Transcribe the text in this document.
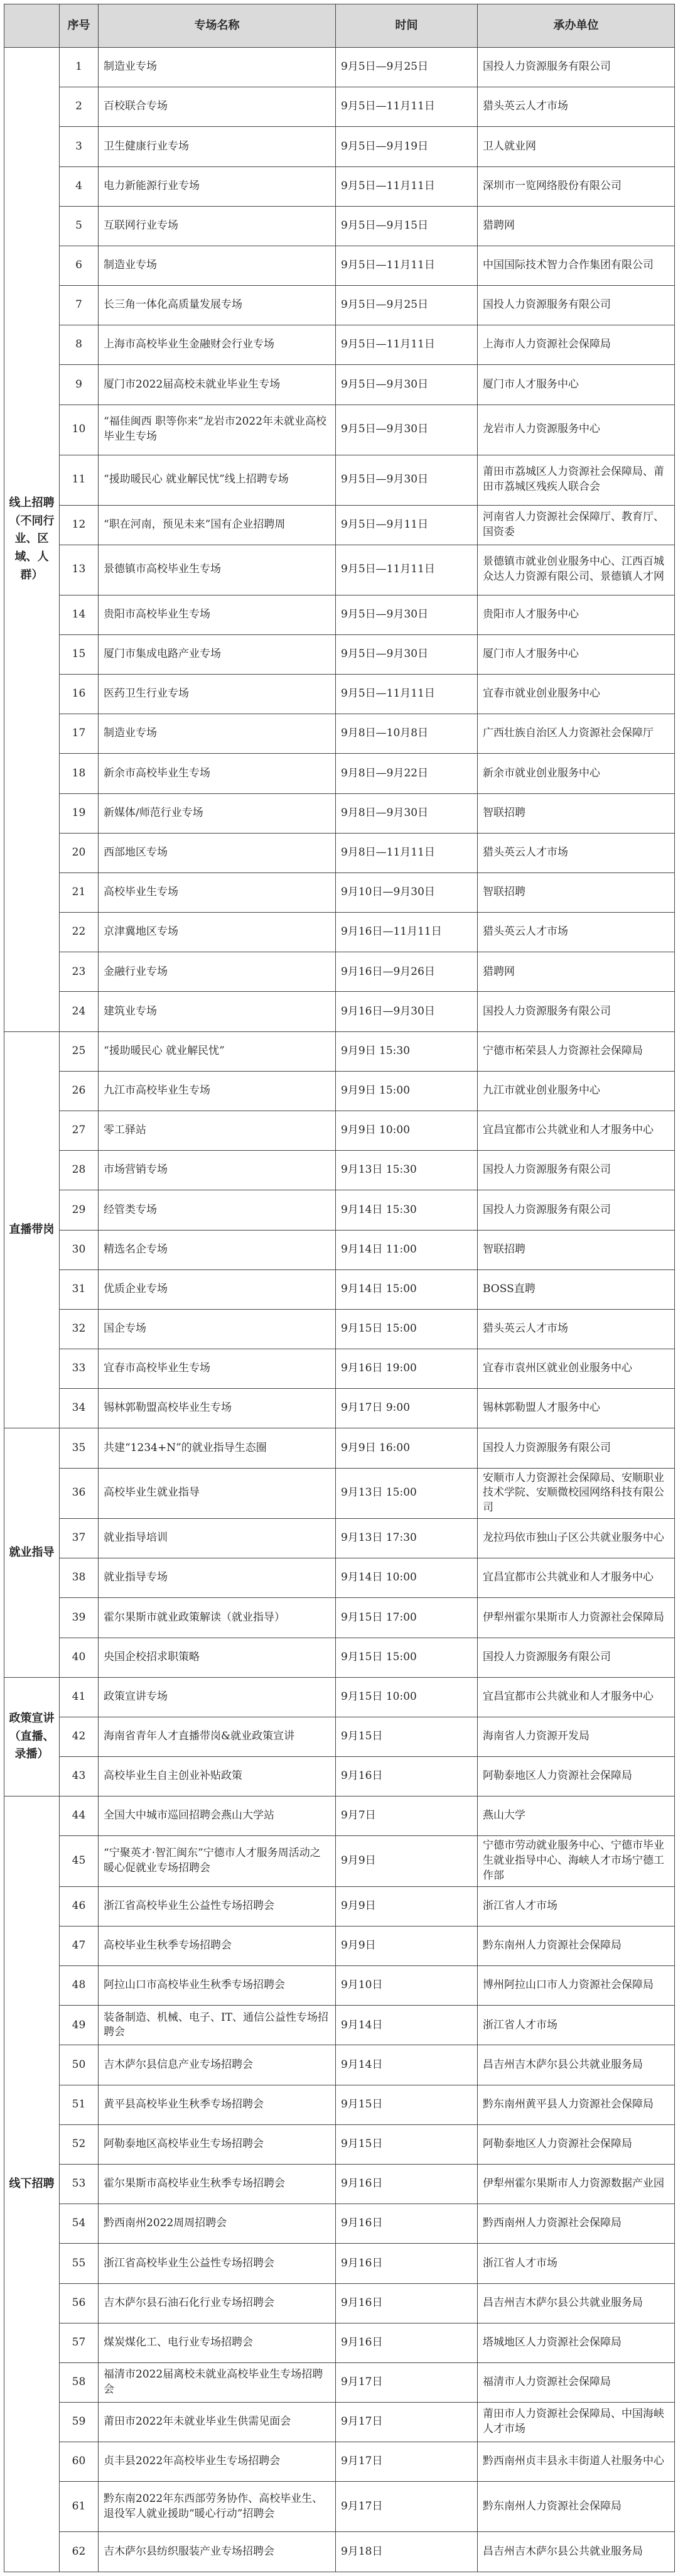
	序号	专场名称	时间	承办单位
线上招聘（不同行业、区域、人群）	1	制造业专场	9月5日—9月25日	国投人力资源服务有限公司
	2	百校联合专场	9月5日—11月11日	猎头英云人才市场
	3	卫生健康行业专场	9月5日—9月19日	卫人就业网
	4	电力新能源行业专场	9月5日—11月11日	深圳市一览网络股份有限公司
	5	互联网行业专场	9月5日—9月15日	猎聘网
	6	制造业专场	9月5日—11月11日	中国国际技术智力合作集团有限公司
	7	长三角一体化高质量发展专场	9月5日—9月25日	国投人力资源服务有限公司
	8	上海市高校毕业生金融财会行业专场	9月5日—11月11日	上海市人力资源社会保障局
	9	厦门市2022届高校未就业毕业生专场	9月5日—9月30日	厦门市人才服务中心
	10	“福佳闽西 职等你来”龙岩市2022年未就业高校毕业生专场	9月5日—9月30日	龙岩市人力资源服务中心
	11	“援助暖民心 就业解民忧”线上招聘专场	9月5日—9月30日	莆田市荔城区人力资源社会保障局、莆田市荔城区残疾人联合会
	12	“职在河南，预见未来”国有企业招聘周	9月5日—9月11日	河南省人力资源社会保障厅、教育厅、国资委
	13	景德镇市高校毕业生专场	9月5日—11月11日	景德镇市就业创业服务中心、江西百城众达人力资源有限公司、景德镇人才网
	14	贵阳市高校毕业生专场	9月5日—9月30日	贵阳市人才服务中心
	15	厦门市集成电路产业专场	9月5日—9月30日	厦门市人才服务中心
	16	医药卫生行业专场	9月5日—11月11日	宜春市就业创业服务中心
	17	制造业专场	9月8日—10月8日	广西壮族自治区人力资源社会保障厅
	18	新余市高校毕业生专场	9月8日—9月22日	新余市就业创业服务中心
	19	新媒体/师范行业专场	9月8日—9月30日	智联招聘
	20	西部地区专场	9月8日—11月11日	猎头英云人才市场
	21	高校毕业生专场	9月10日—9月30日	智联招聘
	22	京津冀地区专场	9月16日—11月11日	猎头英云人才市场
	23	金融行业专场	9月16日—9月26日	猎聘网
	24	建筑业专场	9月16日—9月30日	国投人力资源服务有限公司
直播带岗	25	“援助暖民心 就业解民忧”	9月9日 15:30	宁德市柘荣县人力资源社会保障局
	26	九江市高校毕业生专场	9月9日 15:00	九江市就业创业服务中心
	27	零工驿站	9月9日 10:00	宜昌宜都市公共就业和人才服务中心
	28	市场营销专场	9月13日 15:30	国投人力资源服务有限公司
	29	经管类专场	9月14日 15:30	国投人力资源服务有限公司
	30	精选名企专场	9月14日 11:00	智联招聘
	31	优质企业专场	9月14日 15:00	BOSS直聘
	32	国企专场	9月15日 15:00	猎头英云人才市场
	33	宜春市高校毕业生专场	9月16日 19:00	宜春市袁州区就业创业服务中心
	34	锡林郭勒盟高校毕业生专场	9月17日 9:00	锡林郭勒盟人才服务中心
就业指导	35	共建“1234+N”的就业指导生态圈	9月9日 16:00	国投人力资源服务有限公司
	36	高校毕业生就业指导	9月13日 15:00	安顺市人力资源社会保障局、安顺职业技术学院、安顺微校园网络科技有限公司
	37	就业指导培训	9月13日 17:30	龙拉玛依市独山子区公共就业服务中心
	38	就业指导专场	9月14日 10:00	宜昌宜都市公共就业和人才服务中心
	39	霍尔果斯市就业政策解读（就业指导）	9月15日 17:00	伊犁州霍尔果斯市人力资源社会保障局
	40	央国企校招求职策略	9月15日 15:00	国投人力资源服务有限公司
政策宣讲（直播、录播）	41	政策宣讲专场	9月15日 10:00	宜昌宜都市公共就业和人才服务中心
	42	海南省青年人才直播带岗&就业政策宣讲	9月15日	海南省人力资源开发局
	43	高校毕业生自主创业补贴政策	9月16日	阿勒泰地区人力资源社会保障局
线下招聘	44	全国大中城市巡回招聘会燕山大学站	9月7日	燕山大学
	45	“宁聚英才·智汇闽东”宁德市人才服务周活动之暖心促就业专场招聘会	9月9日	宁德市劳动就业服务中心、宁德市毕业生就业指导中心、海峡人才市场宁德工作部
	46	浙江省高校毕业生公益性专场招聘会	9月9日	浙江省人才市场
	47	高校毕业生秋季专场招聘会	9月9日	黔东南州人力资源社会保障局
	48	阿拉山口市高校毕业生秋季专场招聘会	9月10日	博州阿拉山口市人力资源社会保障局
	49	装备制造、机械、电子、IT、通信公益性专场招聘会	9月14日	浙江省人才市场
	50	吉木萨尔县信息产业专场招聘会	9月14日	昌吉州吉木萨尔县公共就业服务局
	51	黄平县高校毕业生秋季专场招聘会	9月15日	黔东南州黄平县人力资源社会保障局
	52	阿勒泰地区高校毕业生专场招聘会	9月15日	阿勒泰地区人力资源社会保障局
	53	霍尔果斯市高校毕业生秋季专场招聘会	9月16日	伊犁州霍尔果斯市人力资源数据产业园
	54	黔西南州2022周周招聘会	9月16日	黔西南州人力资源社会保障局
	55	浙江省高校毕业生公益性专场招聘会	9月16日	浙江省人才市场
	56	吉木萨尔县石油石化行业专场招聘会	9月16日	昌吉州吉木萨尔县公共就业服务局
	57	煤炭煤化工、电行业专场招聘会	9月16日	塔城地区人力资源社会保障局
	58	福清市2022届离校未就业高校毕业生专场招聘会	9月17日	福清市人力资源社会保障局
	59	莆田市2022年未就业毕业生供需见面会	9月17日	莆田市人力资源社会保障局、中国海峡人才市场
	60	贞丰县2022年高校毕业生专场招聘会	9月17日	黔西南州贞丰县永丰街道人社服务中心
	61	黔东南2022年东西部劳务协作、高校毕业生、退役军人就业援助“暖心行动”招聘会	9月17日	黔东南州人力资源社会保障局
	62	吉木萨尔县纺织服装产业专场招聘会	9月18日	昌吉州吉木萨尔县公共就业服务局
